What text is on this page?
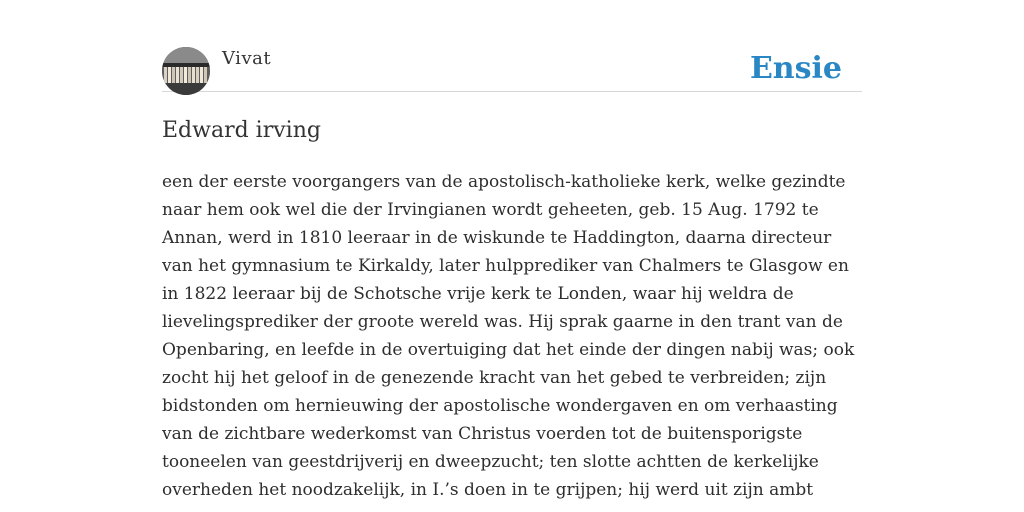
Vivat	Ensie
Edward irving

een der eerste voorgangers van de apostolisch-katholieke kerk, welke gezindte naar hem ook wel die der Irvingianen wordt geheeten, geb. 15 Aug. 1792 te Annan, werd in 1810 leeraar in de wiskunde te Haddington, daarna directeur van het gymnasium te Kirkaldy, later hulpprediker van Chalmers te Glasgow en in 1822 leeraar bij de Schotsche vrije kerk te Londen, waar hij weldra de lievelingsprediker der groote wereld was. Hij sprak gaarne in den trant van de Openbaring, en leefde in de overtuiging dat het einde der dingen nabij was; ook zocht hij het geloof in de genezende kracht van het gebed te verbreiden; zijn bidstonden om hernieuwing der apostolische wondergaven en om verhaasting van de zichtbare wederkomst van Christus voerden tot de buitensporigste tooneelen van geestdrijverij en dweepzucht; ten slotte achtten de kerkelijke overheden het noodzakelijk, in I.’s doen in te grijpen; hij werd uit zijn ambt
